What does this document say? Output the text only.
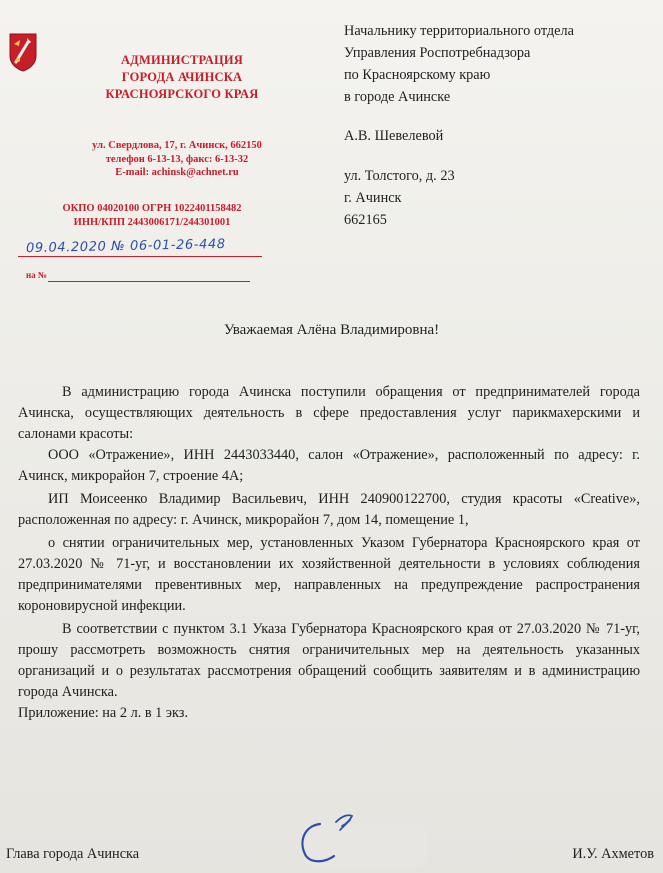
АДМИНИСТРАЦИЯ
ГОРОДА АЧИНСКА
КРАСНОЯРСКОГО КРАЯ
ул. Свердлова, 17, г. Ачинск, 662150
телефон 6-13-13, факс: 6-13-32
E-mail: achinsk@achnet.ru
ОКПО 04020100 ОГРН 1022401158482
ИНН/КПП 2443006171/244301001
09.04.2020 № 06-01-26-448
на №
Начальнику территориального отдела
Управления Роспотребнадзора
по Красноярскому краю
в городе Ачинске
А.В. Шевелевой
ул. Толстого, д. 23
г. Ачинск
662165
Уважаемая Алёна Владимировна!

В администрацию города Ачинска поступили обращения от предпринимателей города Ачинска, осуществляющих деятельность в сфере предоставления услуг парикмахерскими и салонами красоты:

ООО «Отражение», ИНН 2443033440, салон «Отражение», расположенный по адресу: г. Ачинск, микрорайон 7, строение 4А;

ИП Моисеенко Владимир Васильевич, ИНН 240900122700, студия красоты «Creative», расположенная по адресу: г. Ачинск, микрорайон 7, дом 14, помещение 1,

о снятии ограничительных мер, установленных Указом Губернатора Красноярского края от 27.03.2020 № 71-уг, и восстановлении их хозяйственной деятельности в условиях соблюдения предпринимателями превентивных мер, направленных на предупреждение распространения короновирусной инфекции.

В соответствии с пунктом 3.1 Указа Губернатора Красноярского края от 27.03.2020 № 71-уг, прошу рассмотреть возможность снятия ограничительных мер на деятельность указанных организаций и о результатах рассмотрения обращений сообщить заявителям и в администрацию города Ачинска.

Приложение: на 2 л. в 1 экз.

Глава города Ачинска	И.У. Ахметов
